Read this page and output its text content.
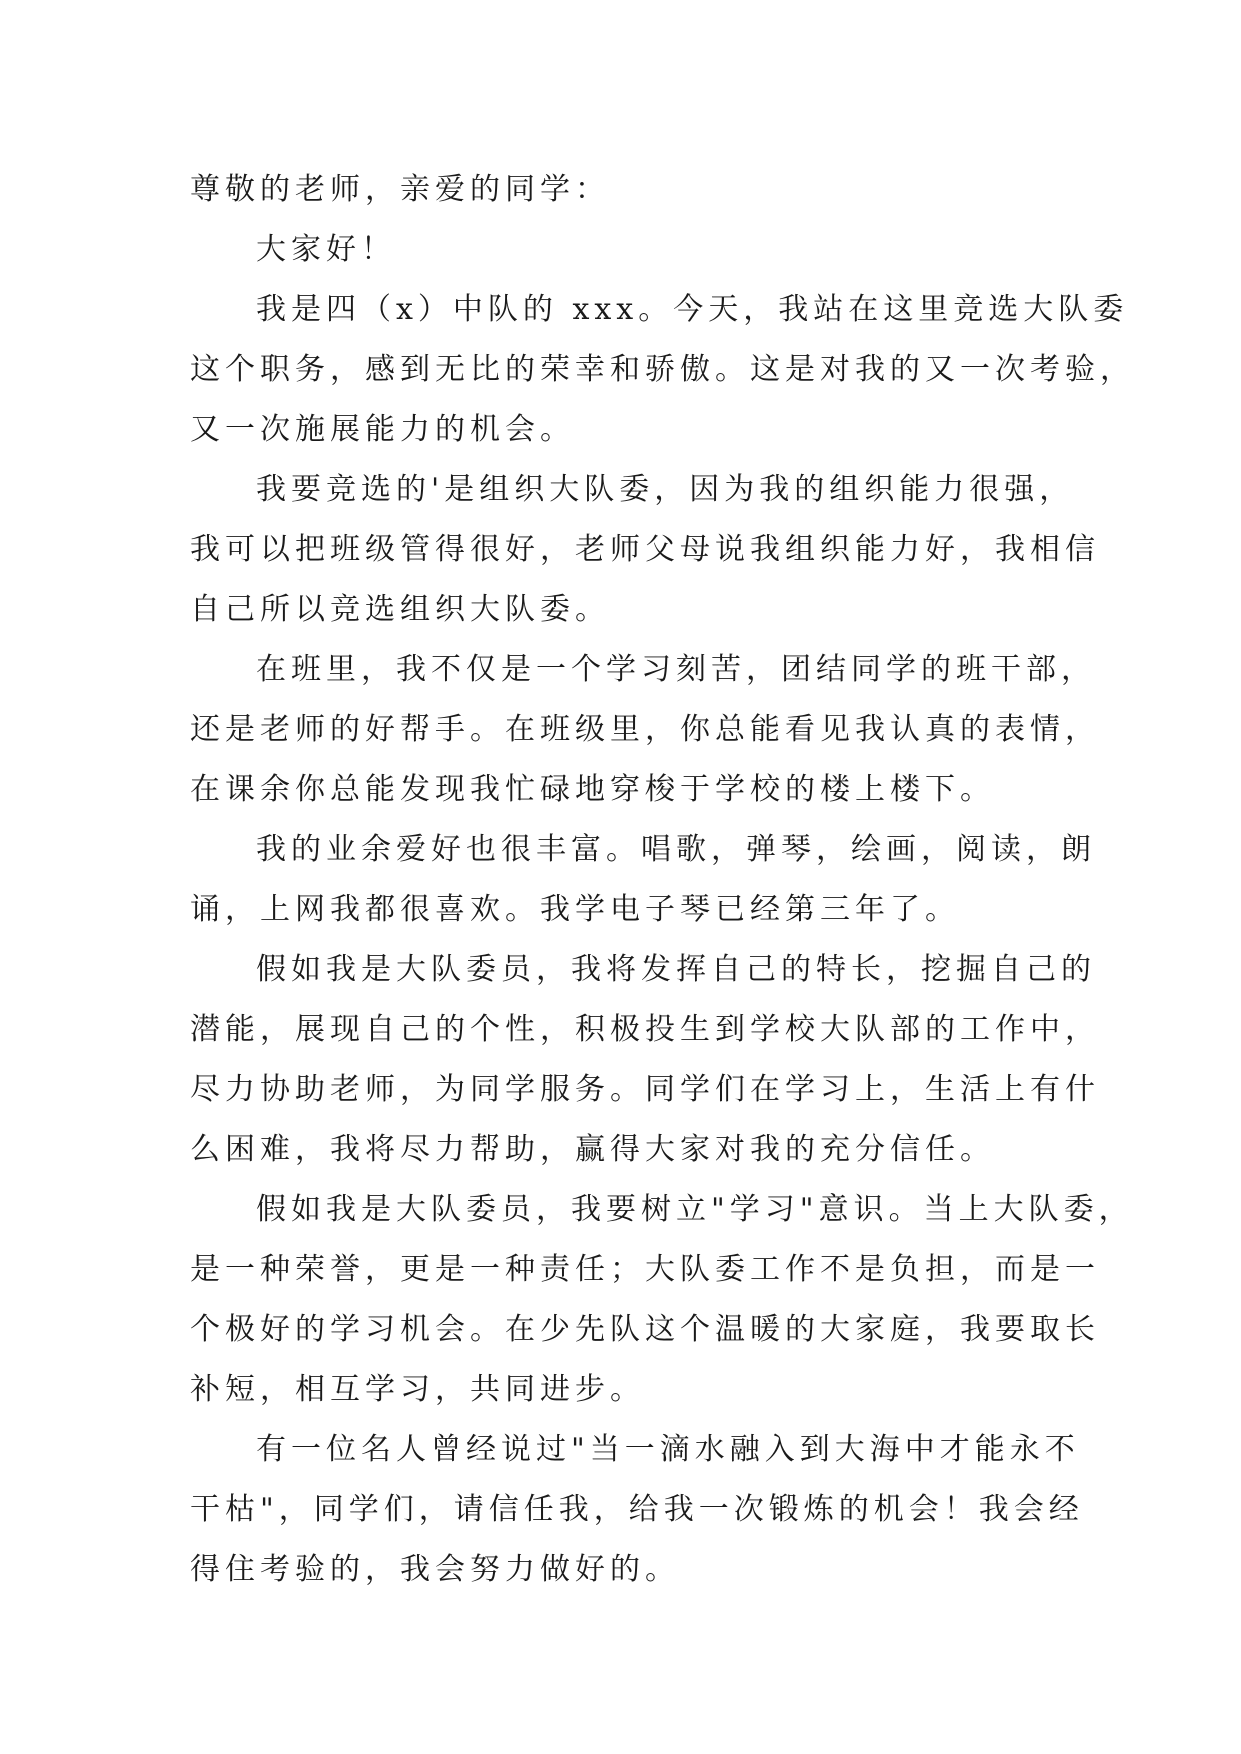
尊敬的老师，亲爱的同学：
大家好！
我是四（x）中队的 xxx。今天，我站在这里竞选大队委
这个职务，感到无比的荣幸和骄傲。这是对我的又一次考验，
又一次施展能力的机会。
我要竞选的'是组织大队委，因为我的组织能力很强，
我可以把班级管得很好，老师父母说我组织能力好，我相信
自己所以竞选组织大队委。
在班里，我不仅是一个学习刻苦，团结同学的班干部，
还是老师的好帮手。在班级里，你总能看见我认真的表情，
在课余你总能发现我忙碌地穿梭于学校的楼上楼下。
我的业余爱好也很丰富。唱歌，弹琴，绘画，阅读，朗
诵，上网我都很喜欢。我学电子琴已经第三年了。
假如我是大队委员，我将发挥自己的特长，挖掘自己的
潜能，展现自己的个性，积极投生到学校大队部的工作中，
尽力协助老师，为同学服务。同学们在学习上，生活上有什
么困难，我将尽力帮助，赢得大家对我的充分信任。
假如我是大队委员，我要树立"学习"意识。当上大队委，
是一种荣誉，更是一种责任；大队委工作不是负担，而是一
个极好的学习机会。在少先队这个温暖的大家庭，我要取长
补短，相互学习，共同进步。
有一位名人曾经说过"当一滴水融入到大海中才能永不
干枯"，同学们，请信任我，给我一次锻炼的机会！我会经
得住考验的，我会努力做好的。
